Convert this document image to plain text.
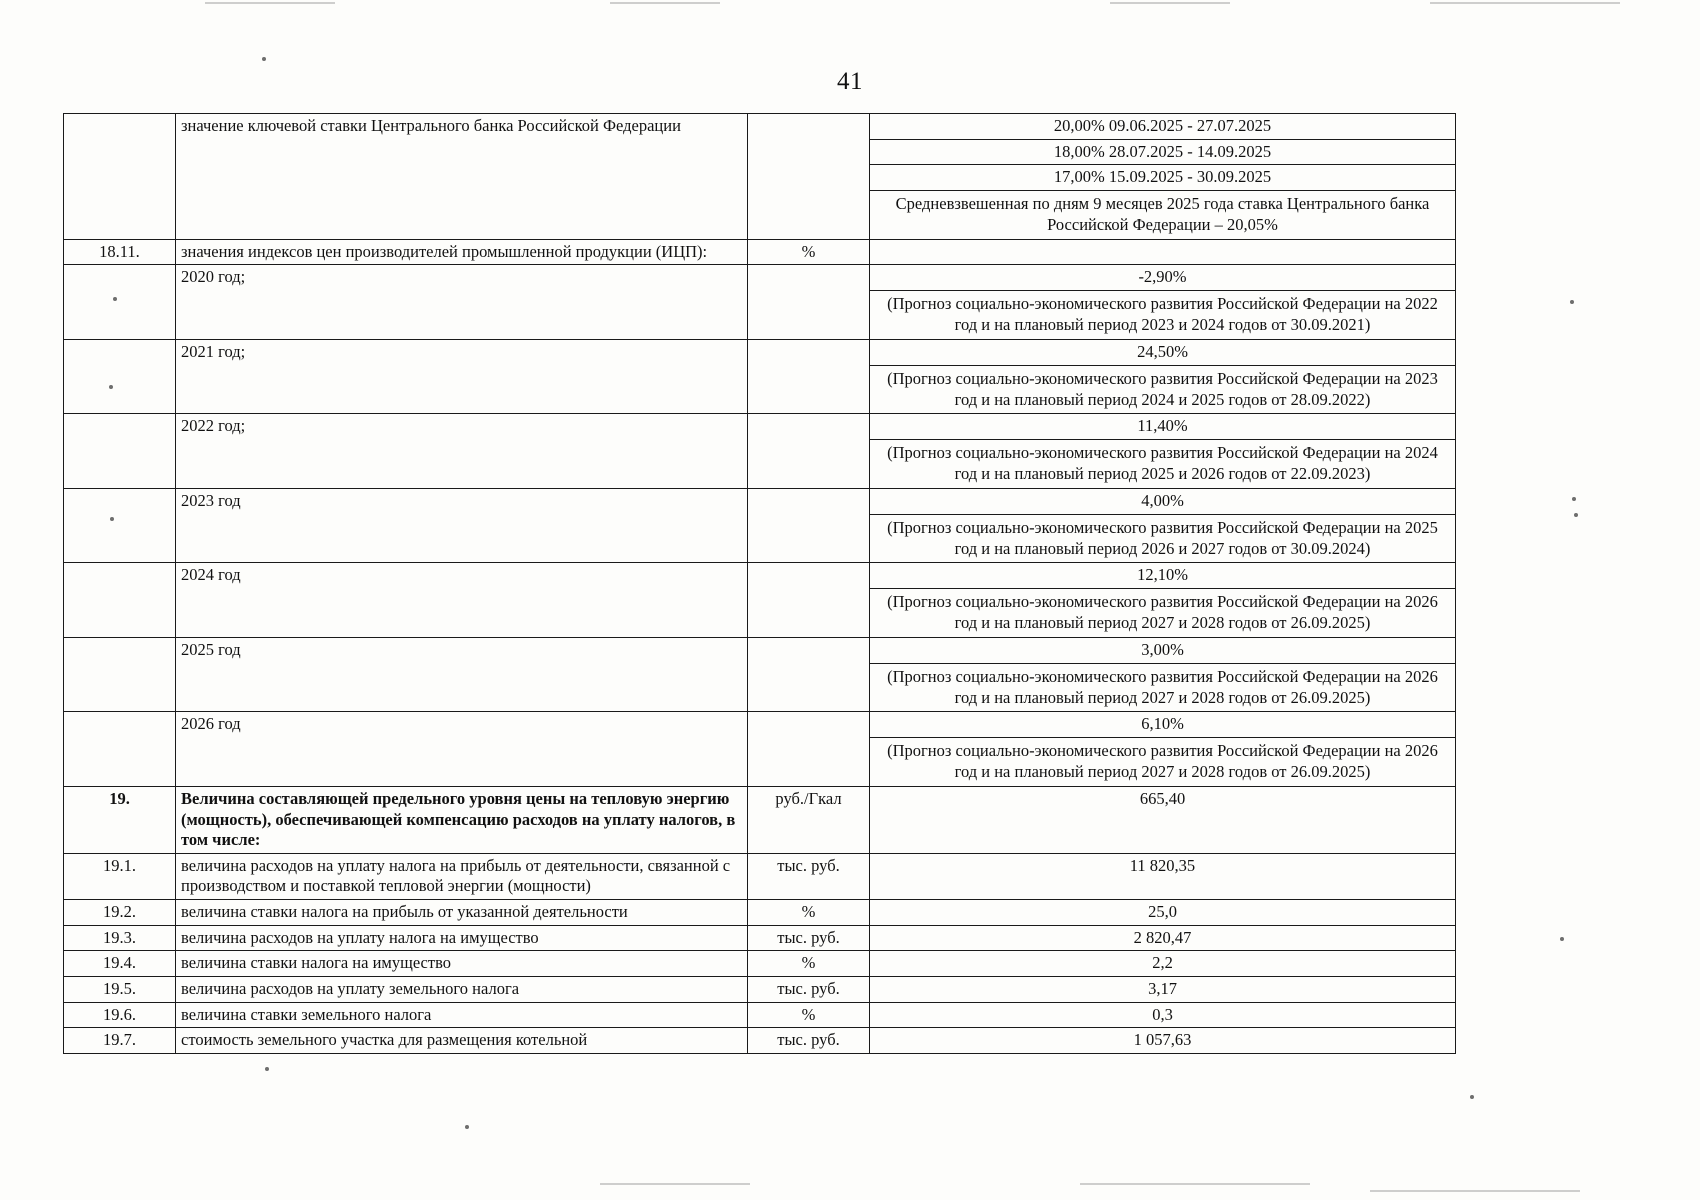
41
	значение ключевой ставки Центрального банка Российской Федерации		20,00% 09.06.2025 - 27.07.2025
			18,00% 28.07.2025 - 14.09.2025
			17,00% 15.09.2025 - 30.09.2025
			Средневзвешенная по дням 9 месяцев 2025 года ставка Центрального банка Российской Федерации – 20,05%
18.11.	значения индексов цен производителей промышленной продукции (ИЦП):	%	
	2020 год;		-2,90%
			(Прогноз социально-экономического развития Российской Федерации на 2022 год и на плановый период 2023 и 2024 годов от 30.09.2021)
	2021 год;		24,50%
			(Прогноз социально-экономического развития Российской Федерации на 2023 год и на плановый период 2024 и 2025 годов от 28.09.2022)
	2022 год;		11,40%
			(Прогноз социально-экономического развития Российской Федерации на 2024 год и на плановый период 2025 и 2026 годов от 22.09.2023)
	2023 год		4,00%
			(Прогноз социально-экономического развития Российской Федерации на 2025 год и на плановый период 2026 и 2027 годов от 30.09.2024)
	2024 год		12,10%
			(Прогноз социально-экономического развития Российской Федерации на 2026 год и на плановый период 2027 и 2028 годов от 26.09.2025)
	2025 год		3,00%
			(Прогноз социально-экономического развития Российской Федерации на 2026 год и на плановый период 2027 и 2028 годов от 26.09.2025)
	2026 год		6,10%
			(Прогноз социально-экономического развития Российской Федерации на 2026 год и на плановый период 2027 и 2028 годов от 26.09.2025)
19.	Величина составляющей предельного уровня цены на тепловую энергию (мощность), обеспечивающей компенсацию расходов на уплату налогов, в том числе:	руб./Гкал	665,40
19.1.	величина расходов на уплату налога на прибыль от деятельности, связанной с производством и поставкой тепловой энергии (мощности)	тыс. руб.	11 820,35
19.2.	величина ставки налога на прибыль от указанной деятельности	%	25,0
19.3.	величина расходов на уплату налога на имущество	тыс. руб.	2 820,47
19.4.	величина ставки налога на имущество	%	2,2
19.5.	величина расходов на уплату земельного налога	тыс. руб.	3,17
19.6.	величина ставки земельного налога	%	0,3
19.7.	стоимость земельного участка для размещения котельной	тыс. руб.	1 057,63
